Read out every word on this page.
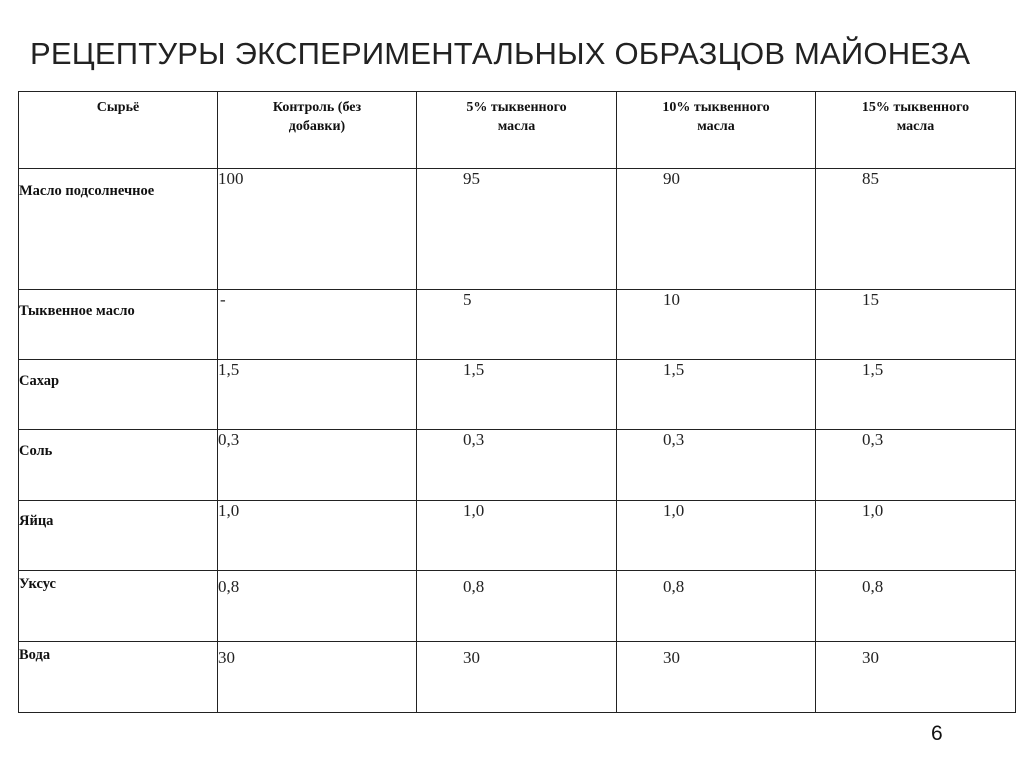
РЕЦЕПТУРЫ ЭКСПЕРИМЕНТАЛЬНЫХ ОБРАЗЦОВ МАЙОНЕЗА
Сырьё	Контроль (без добавки)	5% тыквенного масла	10% тыквенного масла	15% тыквенного масла
Масло подсолнечное	100	95	90	85
Тыквенное масло	-	5	10	15
Сахар	1,5	1,5	1,5	1,5
Соль	0,3	0,3	0,3	0,3
Яйца	1,0	1,0	1,0	1,0
Уксус	0,8	0,8	0,8	0,8
Вода	30	30	30	30
6
